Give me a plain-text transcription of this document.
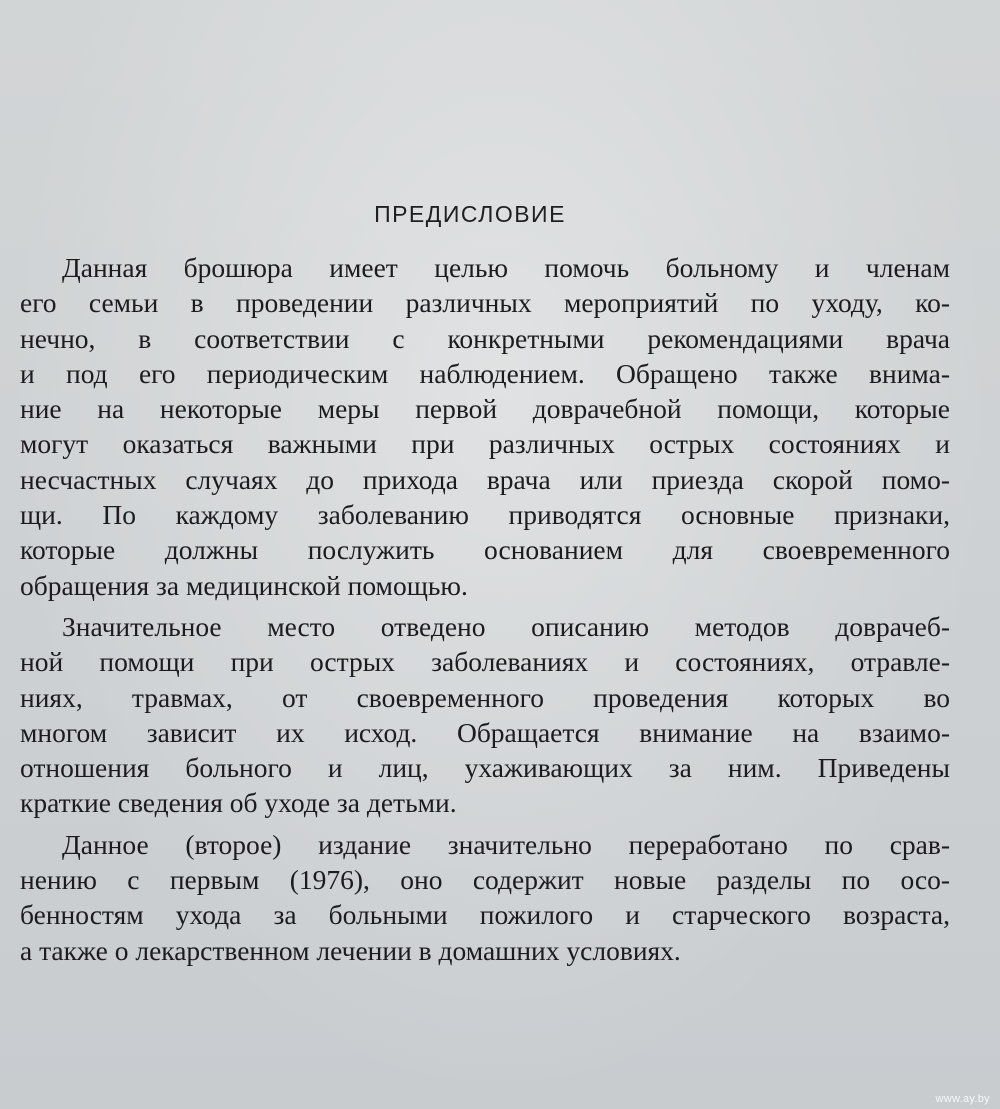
ПРЕДИСЛОВИЕ
Данная брошюра имеет целью помочь больному и членам
его семьи в проведении различных мероприятий по уходу, ко-
нечно, в соответствии с конкретными рекомендациями врача
и под его периодическим наблюдением. Обращено также внима-
ние на некоторые меры первой доврачебной помощи, которые
могут оказаться важными при различных острых состояниях и
несчастных случаях до прихода врача или приезда скорой помо-
щи. По каждому заболеванию приводятся основные признаки,
которые должны послужить основанием для своевременного
обращения за медицинской помощью.
Значительное место отведено описанию методов доврачеб-
ной помощи при острых заболеваниях и состояниях, отравле-
ниях, травмах, от своевременного проведения которых во
многом зависит их исход. Обращается внимание на взаимо-
отношения больного и лиц, ухаживающих за ним. Приведены
краткие сведения об уходе за детьми.
Данное (второе) издание значительно переработано по срав-
нению с первым (1976), оно содержит новые разделы по осо-
бенностям ухода за больными пожилого и старческого возраста,
а также о лекарственном лечении в домашних условиях.
www.ay.by
